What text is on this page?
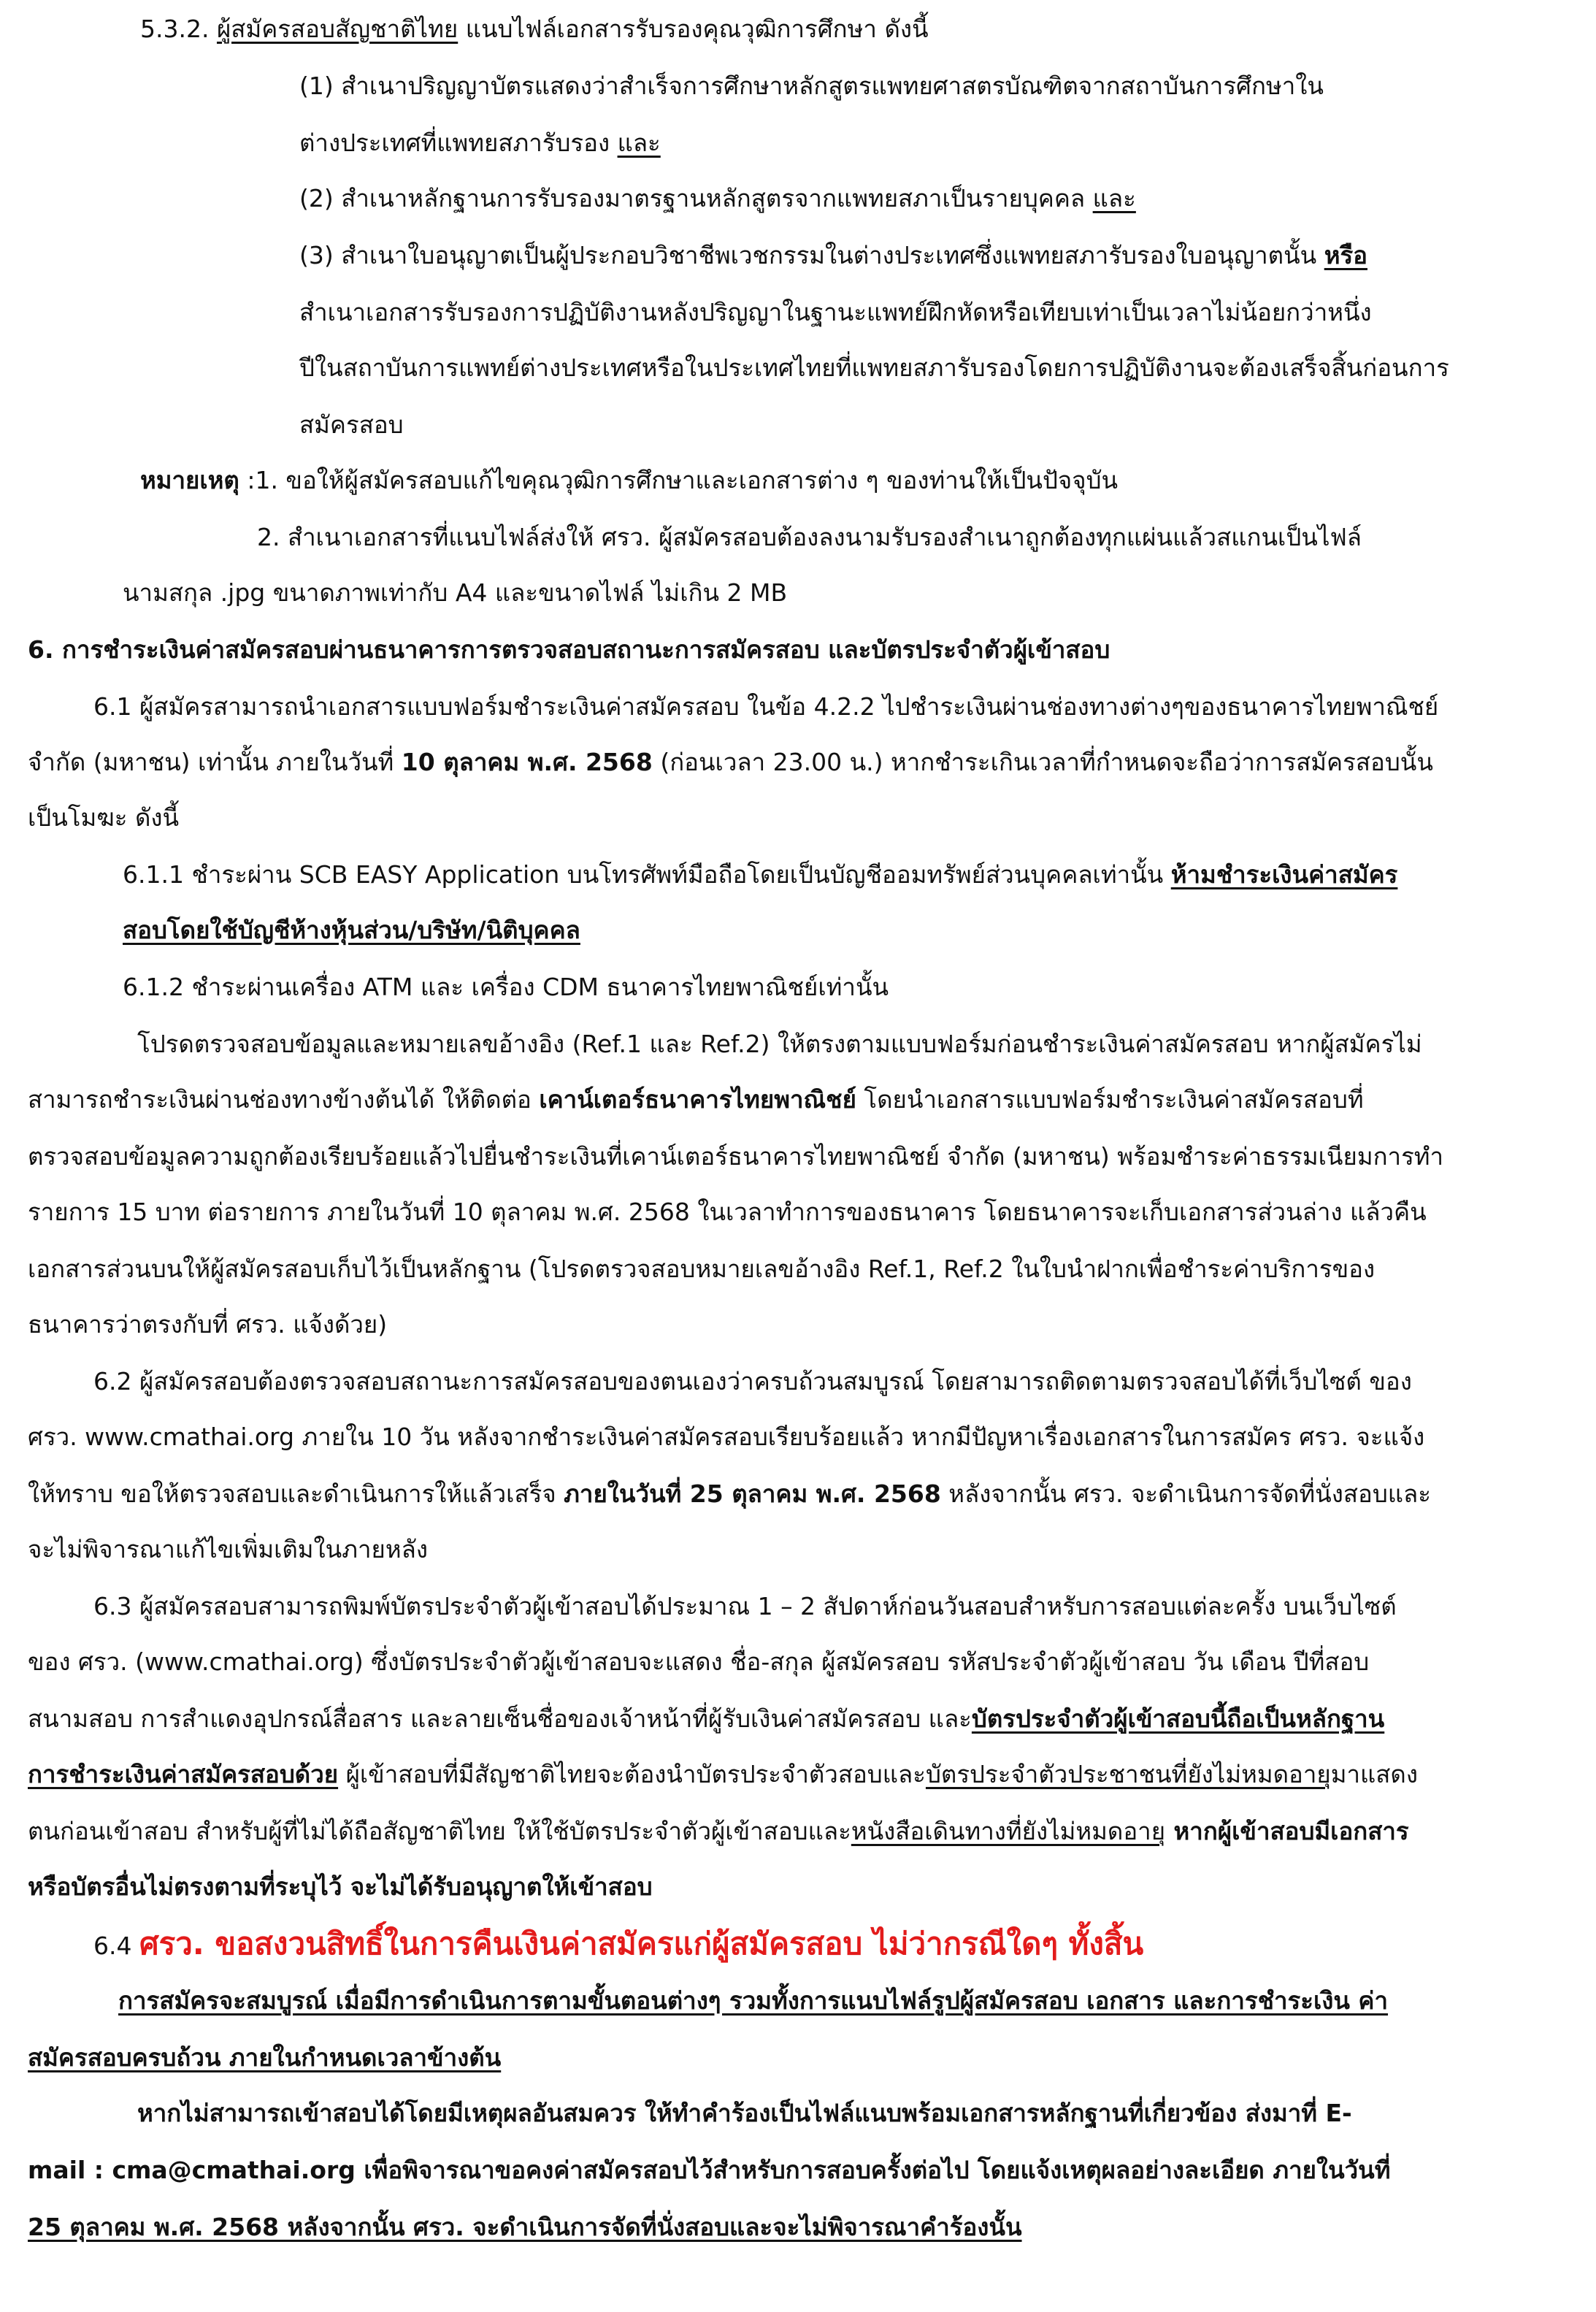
5.3.2. ผู้สมัครสอบสัญชาติไทย แนบไฟล์เอกสารรับรองคุณวุฒิการศึกษา ดังนี้
(1) สำเนาปริญญาบัตรแสดงว่าสำเร็จการศึกษาหลักสูตรแพทยศาสตรบัณฑิตจากสถาบันการศึกษาใน
ต่างประเทศที่แพทยสภารับรอง และ
(2) สำเนาหลักฐานการรับรองมาตรฐานหลักสูตรจากแพทยสภาเป็นรายบุคคล และ
(3) สำเนาใบอนุญาตเป็นผู้ประกอบวิชาชีพเวชกรรมในต่างประเทศซึ่งแพทยสภารับรองใบอนุญาตนั้น หรือ
สำเนาเอกสารรับรองการปฏิบัติงานหลังปริญญาในฐานะแพทย์ฝึกหัดหรือเทียบเท่าเป็นเวลาไม่น้อยกว่าหนึ่ง
ปีในสถาบันการแพทย์ต่างประเทศหรือในประเทศไทยที่แพทยสภารับรองโดยการปฏิบัติงานจะต้องเสร็จสิ้นก่อนการ
สมัครสอบ
หมายเหตุ :1. ขอให้ผู้สมัครสอบแก้ไขคุณวุฒิการศึกษาและเอกสารต่าง ๆ ของท่านให้เป็นปัจจุบัน
2. สำเนาเอกสารที่แนบไฟล์ส่งให้ ศรว. ผู้สมัครสอบต้องลงนามรับรองสำเนาถูกต้องทุกแผ่นแล้วสแกนเป็นไฟล์
นามสกุล .jpg ขนาดภาพเท่ากับ A4 และขนาดไฟล์ ไม่เกิน 2 MB
6. การชำระเงินค่าสมัครสอบผ่านธนาคารการตรวจสอบสถานะการสมัครสอบ และบัตรประจำตัวผู้เข้าสอบ
6.1 ผู้สมัครสามารถนำเอกสารแบบฟอร์มชำระเงินค่าสมัครสอบ ในข้อ 4.2.2 ไปชำระเงินผ่านช่องทางต่างๆของธนาคารไทยพาณิชย์
จำกัด (มหาชน) เท่านั้น ภายในวันที่ 10 ตุลาคม พ.ศ. 2568 (ก่อนเวลา 23.00 น.) หากชำระเกินเวลาที่กำหนดจะถือว่าการสมัครสอบนั้น
เป็นโมฆะ ดังนี้
6.1.1 ชำระผ่าน SCB EASY Application บนโทรศัพท์มือถือโดยเป็นบัญชีออมทรัพย์ส่วนบุคคลเท่านั้น ห้ามชำระเงินค่าสมัคร
สอบโดยใช้บัญชีห้างหุ้นส่วน/บริษัท/นิติบุคคล
6.1.2 ชำระผ่านเครื่อง ATM และ เครื่อง CDM ธนาคารไทยพาณิชย์เท่านั้น
โปรดตรวจสอบข้อมูลและหมายเลขอ้างอิง (Ref.1 และ Ref.2) ให้ตรงตามแบบฟอร์มก่อนชำระเงินค่าสมัครสอบ หากผู้สมัครไม่
สามารถชำระเงินผ่านช่องทางข้างต้นได้ ให้ติดต่อ เคาน์เตอร์ธนาคารไทยพาณิชย์ โดยนำเอกสารแบบฟอร์มชำระเงินค่าสมัครสอบที่
ตรวจสอบข้อมูลความถูกต้องเรียบร้อยแล้วไปยื่นชำระเงินที่เคาน์เตอร์ธนาคารไทยพาณิชย์ จำกัด (มหาชน) พร้อมชำระค่าธรรมเนียมการทำ
รายการ 15 บาท ต่อรายการ ภายในวันที่ 10 ตุลาคม พ.ศ. 2568 ในเวลาทำการของธนาคาร โดยธนาคารจะเก็บเอกสารส่วนล่าง แล้วคืน
เอกสารส่วนบนให้ผู้สมัครสอบเก็บไว้เป็นหลักฐาน (โปรดตรวจสอบหมายเลขอ้างอิง Ref.1, Ref.2 ในใบนำฝากเพื่อชำระค่าบริการของ
ธนาคารว่าตรงกับที่ ศรว. แจ้งด้วย)
6.2 ผู้สมัครสอบต้องตรวจสอบสถานะการสมัครสอบของตนเองว่าครบถ้วนสมบูรณ์ โดยสามารถติดตามตรวจสอบได้ที่เว็บไซต์ ของ
ศรว. www.cmathai.org ภายใน 10 วัน หลังจากชำระเงินค่าสมัครสอบเรียบร้อยแล้ว หากมีปัญหาเรื่องเอกสารในการสมัคร ศรว. จะแจ้ง
ให้ทราบ ขอให้ตรวจสอบและดำเนินการให้แล้วเสร็จ ภายในวันที่ 25 ตุลาคม พ.ศ. 2568 หลังจากนั้น ศรว. จะดำเนินการจัดที่นั่งสอบและ
จะไม่พิจารณาแก้ไขเพิ่มเติมในภายหลัง
6.3 ผู้สมัครสอบสามารถพิมพ์บัตรประจำตัวผู้เข้าสอบได้ประมาณ 1 – 2 สัปดาห์ก่อนวันสอบสำหรับการสอบแต่ละครั้ง บนเว็บไซต์
ของ ศรว. (www.cmathai.org) ซึ่งบัตรประจำตัวผู้เข้าสอบจะแสดง ชื่อ-สกุล ผู้สมัครสอบ รหัสประจำตัวผู้เข้าสอบ วัน เดือน ปีที่สอบ
สนามสอบ การสำแดงอุปกรณ์สื่อสาร และลายเซ็นชื่อของเจ้าหน้าที่ผู้รับเงินค่าสมัครสอบ และบัตรประจำตัวผู้เข้าสอบนี้ถือเป็นหลักฐาน
การชำระเงินค่าสมัครสอบด้วย ผู้เข้าสอบที่มีสัญชาติไทยจะต้องนำบัตรประจำตัวสอบและบัตรประจำตัวประชาชนที่ยังไม่หมดอายุมาแสดง
ตนก่อนเข้าสอบ สำหรับผู้ที่ไม่ได้ถือสัญชาติไทย ให้ใช้บัตรประจำตัวผู้เข้าสอบและหนังสือเดินทางที่ยังไม่หมดอายุ หากผู้เข้าสอบมีเอกสาร
หรือบัตรอื่นไม่ตรงตามที่ระบุไว้ จะไม่ได้รับอนุญาตให้เข้าสอบ
6.4 ศรว. ขอสงวนสิทธิ์ในการคืนเงินค่าสมัครแก่ผู้สมัครสอบ ไม่ว่ากรณีใดๆ ทั้งสิ้น
การสมัครจะสมบูรณ์ เมื่อมีการดำเนินการตามขั้นตอนต่างๆ รวมทั้งการแนบไฟล์รูปผู้สมัครสอบ เอกสาร และการชำระเงิน ค่า
สมัครสอบครบถ้วน ภายในกำหนดเวลาข้างต้น
หากไม่สามารถเข้าสอบได้โดยมีเหตุผลอันสมควร ให้ทำคำร้องเป็นไฟล์แนบพร้อมเอกสารหลักฐานที่เกี่ยวข้อง ส่งมาที่ E-
mail : cma@cmathai.org เพื่อพิจารณาขอคงค่าสมัครสอบไว้สำหรับการสอบครั้งต่อไป โดยแจ้งเหตุผลอย่างละเอียด ภายในวันที่
25 ตุลาคม พ.ศ. 2568 หลังจากนั้น ศรว. จะดำเนินการจัดที่นั่งสอบและจะไม่พิจารณาคำร้องนั้น
